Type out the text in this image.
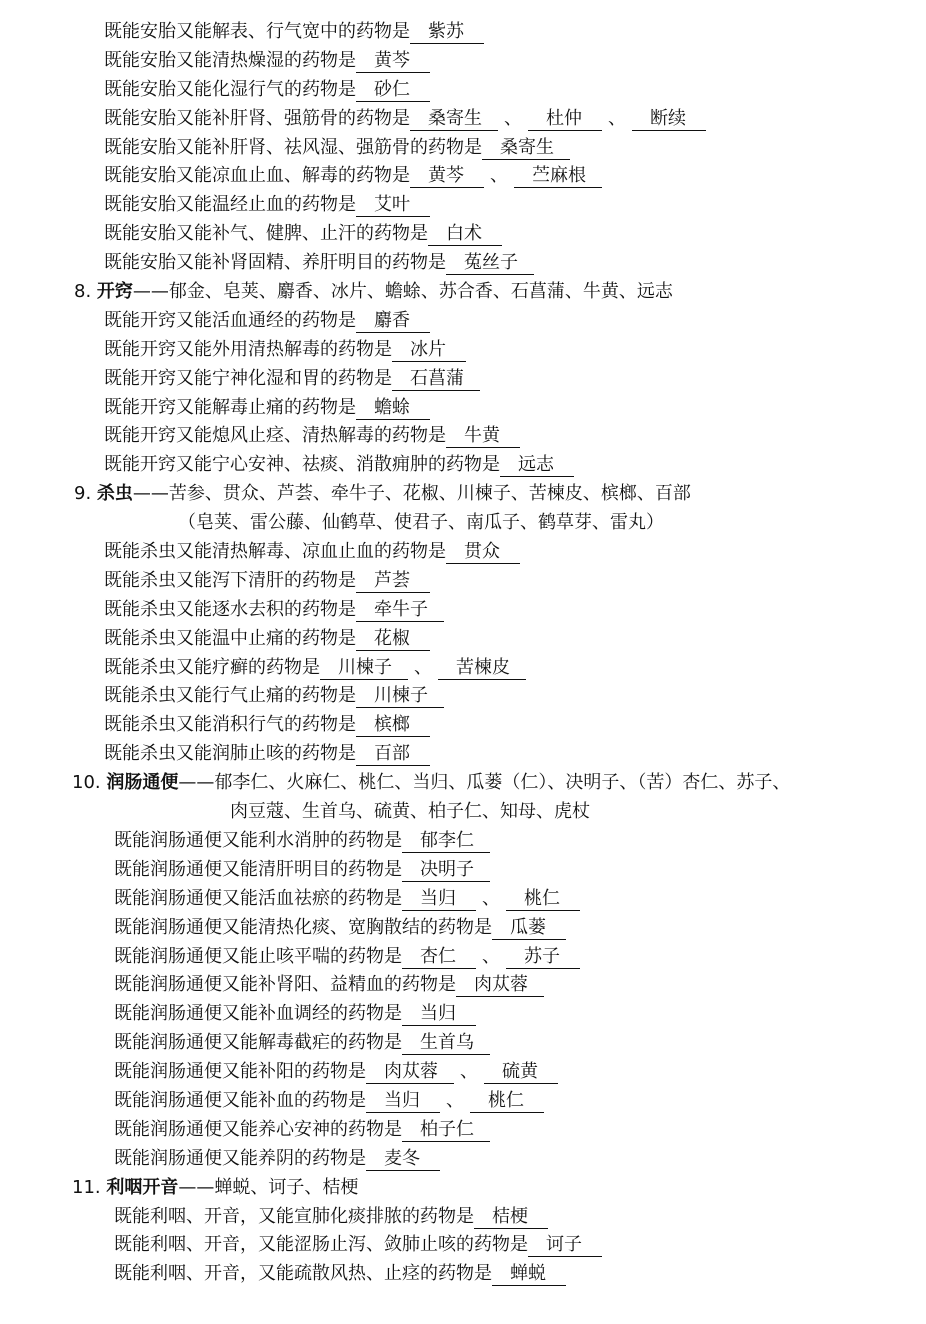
既能安胎又能解表、行气宽中的药物是 紫苏
既能安胎又能清热燥湿的药物是 黄芩
既能安胎又能化湿行气的药物是 砂仁
既能安胎又能补肝肾、强筋骨的药物是 桑寄生 、 杜仲 、 断续
既能安胎又能补肝肾、祛风湿、强筋骨的药物是 桑寄生
既能安胎又能凉血止血、解毒的药物是 黄芩 、 苎麻根
既能安胎又能温经止血的药物是 艾叶
既能安胎又能补气、健脾、止汗的药物是 白术
既能安胎又能补肾固精、养肝明目的药物是 菟丝子
8. 开窍——郁金、皂荚、麝香、冰片、蟾蜍、苏合香、石菖蒲、牛黄、远志
既能开窍又能活血通经的药物是 麝香
既能开窍又能外用清热解毒的药物是 冰片
既能开窍又能宁神化湿和胃的药物是 石菖蒲
既能开窍又能解毒止痛的药物是 蟾蜍
既能开窍又能熄风止痉、清热解毒的药物是 牛黄
既能开窍又能宁心安神、祛痰、消散痈肿的药物是 远志
9. 杀虫——苦参、贯众、芦荟、牵牛子、花椒、川楝子、苦楝皮、槟榔、百部
（皂荚、雷公藤、仙鹤草、使君子、南瓜子、鹤草芽、雷丸）
既能杀虫又能清热解毒、凉血止血的药物是 贯众
既能杀虫又能泻下清肝的药物是 芦荟
既能杀虫又能逐水去积的药物是 牵牛子
既能杀虫又能温中止痛的药物是 花椒
既能杀虫又能疗癣的药物是 川楝子 、 苦楝皮
既能杀虫又能行气止痛的药物是 川楝子
既能杀虫又能消积行气的药物是 槟榔
既能杀虫又能润肺止咳的药物是 百部
10. 润肠通便——郁李仁、火麻仁、桃仁、当归、瓜蒌（仁）、决明子、（苦）杏仁、苏子、
肉豆蔻、生首乌、硫黄、柏子仁、知母、虎杖
既能润肠通便又能利水消肿的药物是 郁李仁
既能润肠通便又能清肝明目的药物是 决明子
既能润肠通便又能活血祛瘀的药物是 当归 、 桃仁
既能润肠通便又能清热化痰、宽胸散结的药物是 瓜蒌
既能润肠通便又能止咳平喘的药物是 杏仁 、 苏子
既能润肠通便又能补肾阳、益精血的药物是 肉苁蓉
既能润肠通便又能补血调经的药物是 当归
既能润肠通便又能解毒截疟的药物是 生首乌
既能润肠通便又能补阳的药物是 肉苁蓉 、 硫黄
既能润肠通便又能补血的药物是 当归 、 桃仁
既能润肠通便又能养心安神的药物是 柏子仁
既能润肠通便又能养阴的药物是 麦冬
11. 利咽开音——蝉蜕、诃子、桔梗
既能利咽、开音，又能宣肺化痰排脓的药物是 桔梗
既能利咽、开音，又能涩肠止泻、敛肺止咳的药物是 诃子
既能利咽、开音，又能疏散风热、止痉的药物是 蝉蜕
